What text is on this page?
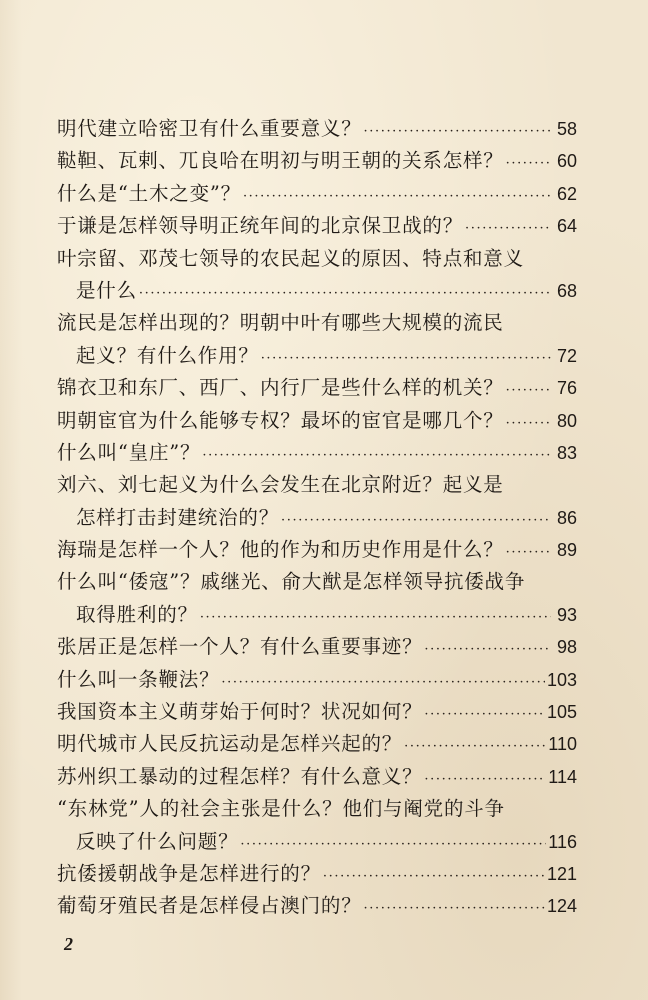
明代建立哈密卫有什么重要意义？ ·····	58
鞑靼、瓦剌、兀良哈在明初与明王朝的关系怎样？ ·····	60
什么是“土木之变”？ ·····	62
于谦是怎样领导明正统年间的北京保卫战的？ ·····	64
叶宗留、邓茂七领导的农民起义的原因、特点和意义
是什么 ·····	68
流民是怎样出现的？明朝中叶有哪些大规模的流民
起义？有什么作用？ ·····	72
锦衣卫和东厂、西厂、内行厂是些什么样的机关？ ·····	76
明朝宦官为什么能够专权？最坏的宦官是哪几个？ ·····	80
什么叫“皇庄”？ ·····	83
刘六、刘七起义为什么会发生在北京附近？起义是
怎样打击封建统治的？ ·····	86
海瑞是怎样一个人？他的作为和历史作用是什么？ ·····	89
什么叫“倭寇”？戚继光、俞大猷是怎样领导抗倭战争
取得胜利的？ ·····	93
张居正是怎样一个人？有什么重要事迹？ ·····	98
什么叫一条鞭法？ ·····	103
我国资本主义萌芽始于何时？状况如何？ ·····	105
明代城市人民反抗运动是怎样兴起的？ ·····	110
苏州织工暴动的过程怎样？有什么意义？ ·····	114
“东林党”人的社会主张是什么？他们与阉党的斗争
反映了什么问题？ ·····	116
抗倭援朝战争是怎样进行的？ ·····	121
葡萄牙殖民者是怎样侵占澳门的？ ·····	124
2
